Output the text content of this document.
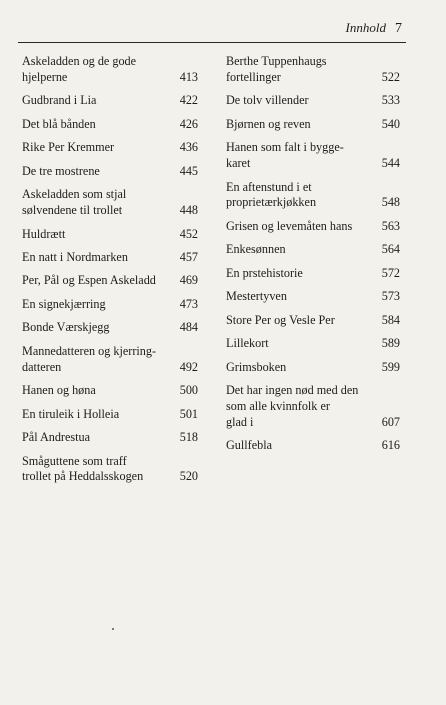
Innhold 7
Askeladden og de gode
hjelperne	413
Gudbrand i Lia	422
Det blå bånden	426
Rike Per Kremmer	436
De tre mostrene	445
Askeladden som stjal
sølvendene til trollet	448
Huldrætt	452
En natt i Nordmarken	457
Per, Pål og Espen Askeladd	469
En signekjærring	473
Bonde Værskjegg	484
Mannedatteren og kjerring-
datteren	492
Hanen og høna	500
En tiruleik i Holleia	501
Pål Andrestua	518
Småguttene som traff
trollet på Heddalsskogen	520
Berthe Tuppenhaugs
fortellinger	522
De tolv villender	533
Bjørnen og reven	540
Hanen som falt i bygge-
karet	544
En aftenstund i et
proprietærkjøkken	548
Grisen og levemåten hans	563
Enkesønnen	564
En prstehistorie	572
Mestertyven	573
Store Per og Vesle Per	584
Lillekort	589
Grimsboken	599
Det har ingen nød med den
som alle kvinnfolk er
glad i	607
Gullfebla	616
